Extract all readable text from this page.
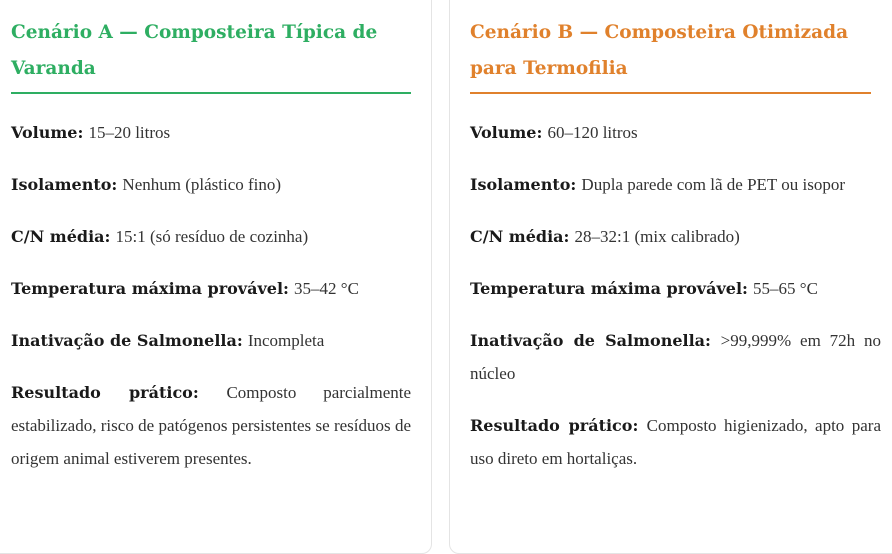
Cenário A — Composteira Típica de Varanda

Volume: 15–20 litros

Isolamento: Nenhum (plástico fino)

C/N média: 15:1 (só resíduo de cozinha)

Temperatura máxima provável: 35–42 °C

Inativação de Salmonella: Incompleta

Resultado prático: Composto parcialmente estabilizado, risco de patógenos persistentes se resíduos de origem animal estiverem presentes.

Cenário B — Composteira Otimizada para Termofilia

Volume: 60–120 litros

Isolamento: Dupla parede com lã de PET ou isopor

C/N média: 28–32:1 (mix calibrado)

Temperatura máxima provável: 55–65 °C

Inativação de Salmonella: >99,999% em 72h no núcleo

Resultado prático: Composto higienizado, apto para uso direto em hortaliças.
